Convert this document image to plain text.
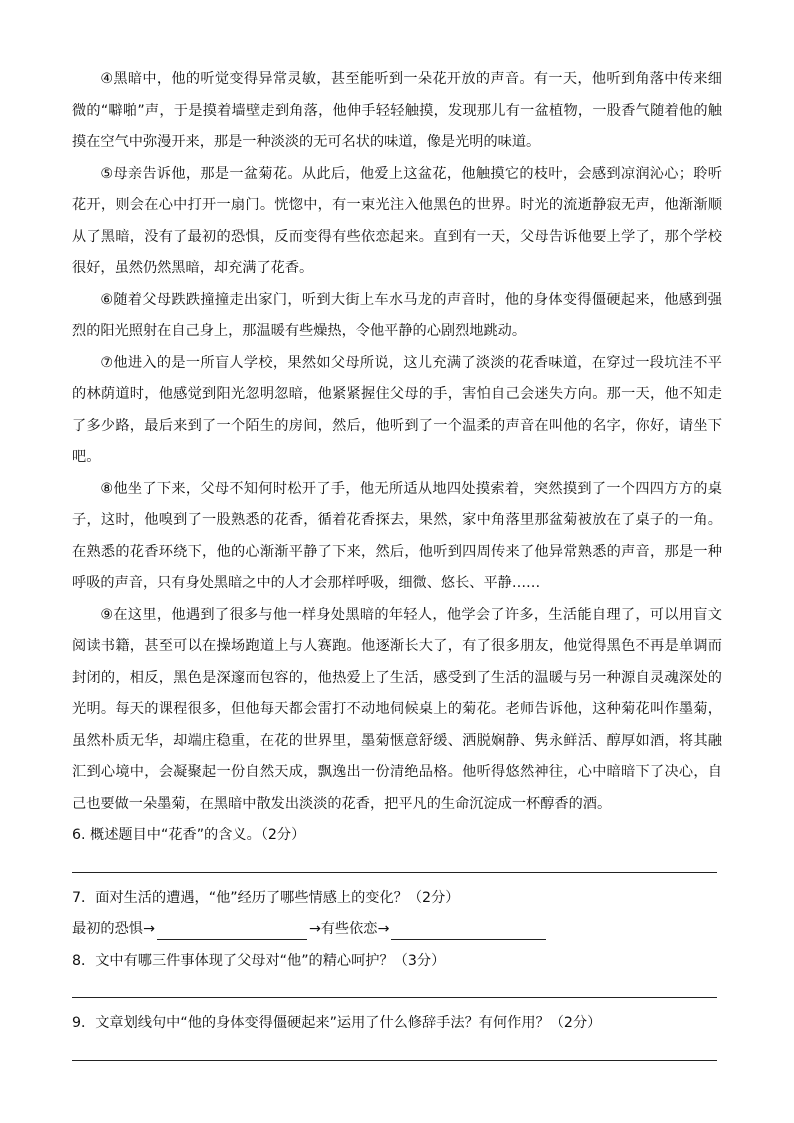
④黑暗中，他的听觉变得异常灵敏，甚至能听到一朵花开放的声音。有一天，他听到角落中传来细微的“噼啪”声，于是摸着墙壁走到角落，他伸手轻轻触摸，发现那儿有一盆植物，一股香气随着他的触摸在空气中弥漫开来，那是一种淡淡的无可名状的味道，像是光明的味道。

⑤母亲告诉他，那是一盆菊花。从此后，他爱上这盆花，他触摸它的枝叶，会感到凉润沁心；聆听花开，则会在心中打开一扇门。恍惚中，有一束光注入他黑色的世界。时光的流逝静寂无声，他渐渐顺从了黑暗，没有了最初的恐惧，反而变得有些依恋起来。直到有一天，父母告诉他要上学了，那个学校很好，虽然仍然黑暗，却充满了花香。

⑥随着父母跌跌撞撞走出家门，听到大街上车水马龙的声音时，他的身体变得僵硬起来，他感到强烈的阳光照射在自己身上，那温暖有些燥热，令他平静的心剧烈地跳动。

⑦他进入的是一所盲人学校，果然如父母所说，这儿充满了淡淡的花香味道，在穿过一段坑洼不平的林荫道时，他感觉到阳光忽明忽暗，他紧紧握住父母的手，害怕自己会迷失方向。那一天，他不知走了多少路，最后来到了一个陌生的房间，然后，他听到了一个温柔的声音在叫他的名字，你好，请坐下吧。

⑧他坐了下来，父母不知何时松开了手，他无所适从地四处摸索着，突然摸到了一个四四方方的桌子，这时，他嗅到了一股熟悉的花香，循着花香探去，果然，家中角落里那盆菊被放在了桌子的一角。在熟悉的花香环绕下，他的心渐渐平静了下来，然后，他听到四周传来了他异常熟悉的声音，那是一种呼吸的声音，只有身处黑暗之中的人才会那样呼吸，细微、悠长、平静……

⑨在这里，他遇到了很多与他一样身处黑暗的年轻人，他学会了许多，生活能自理了，可以用盲文阅读书籍，甚至可以在操场跑道上与人赛跑。他逐渐长大了，有了很多朋友，他觉得黑色不再是单调而封闭的，相反，黑色是深邃而包容的，他热爱上了生活，感受到了生活的温暖与另一种源自灵魂深处的光明。每天的课程很多，但他每天都会雷打不动地伺候桌上的菊花。老师告诉他，这种菊花叫作墨菊，虽然朴质无华，却端庄稳重，在花的世界里，墨菊惬意舒缓、洒脱娴静、隽永鲜活、醇厚如酒，将其融汇到心境中，会凝聚起一份自然天成，飘逸出一份清绝品格。他听得悠然神往，心中暗暗下了决心，自己也要做一朵墨菊，在黑暗中散发出淡淡的花香，把平凡的生命沉淀成一杯醇香的酒。

6. 概述题目中“花香”的含义。（2分）

7．面对生活的遭遇，“他”经历了哪些情感上的变化？（2分）

最初的恐惧 →	→ 有些依恋 →

8．文中有哪三件事体现了父母对“他”的精心呵护？（3分）

9．文章划线句中“他的身体变得僵硬起来”运用了什么修辞手法？有何作用？（2分）
